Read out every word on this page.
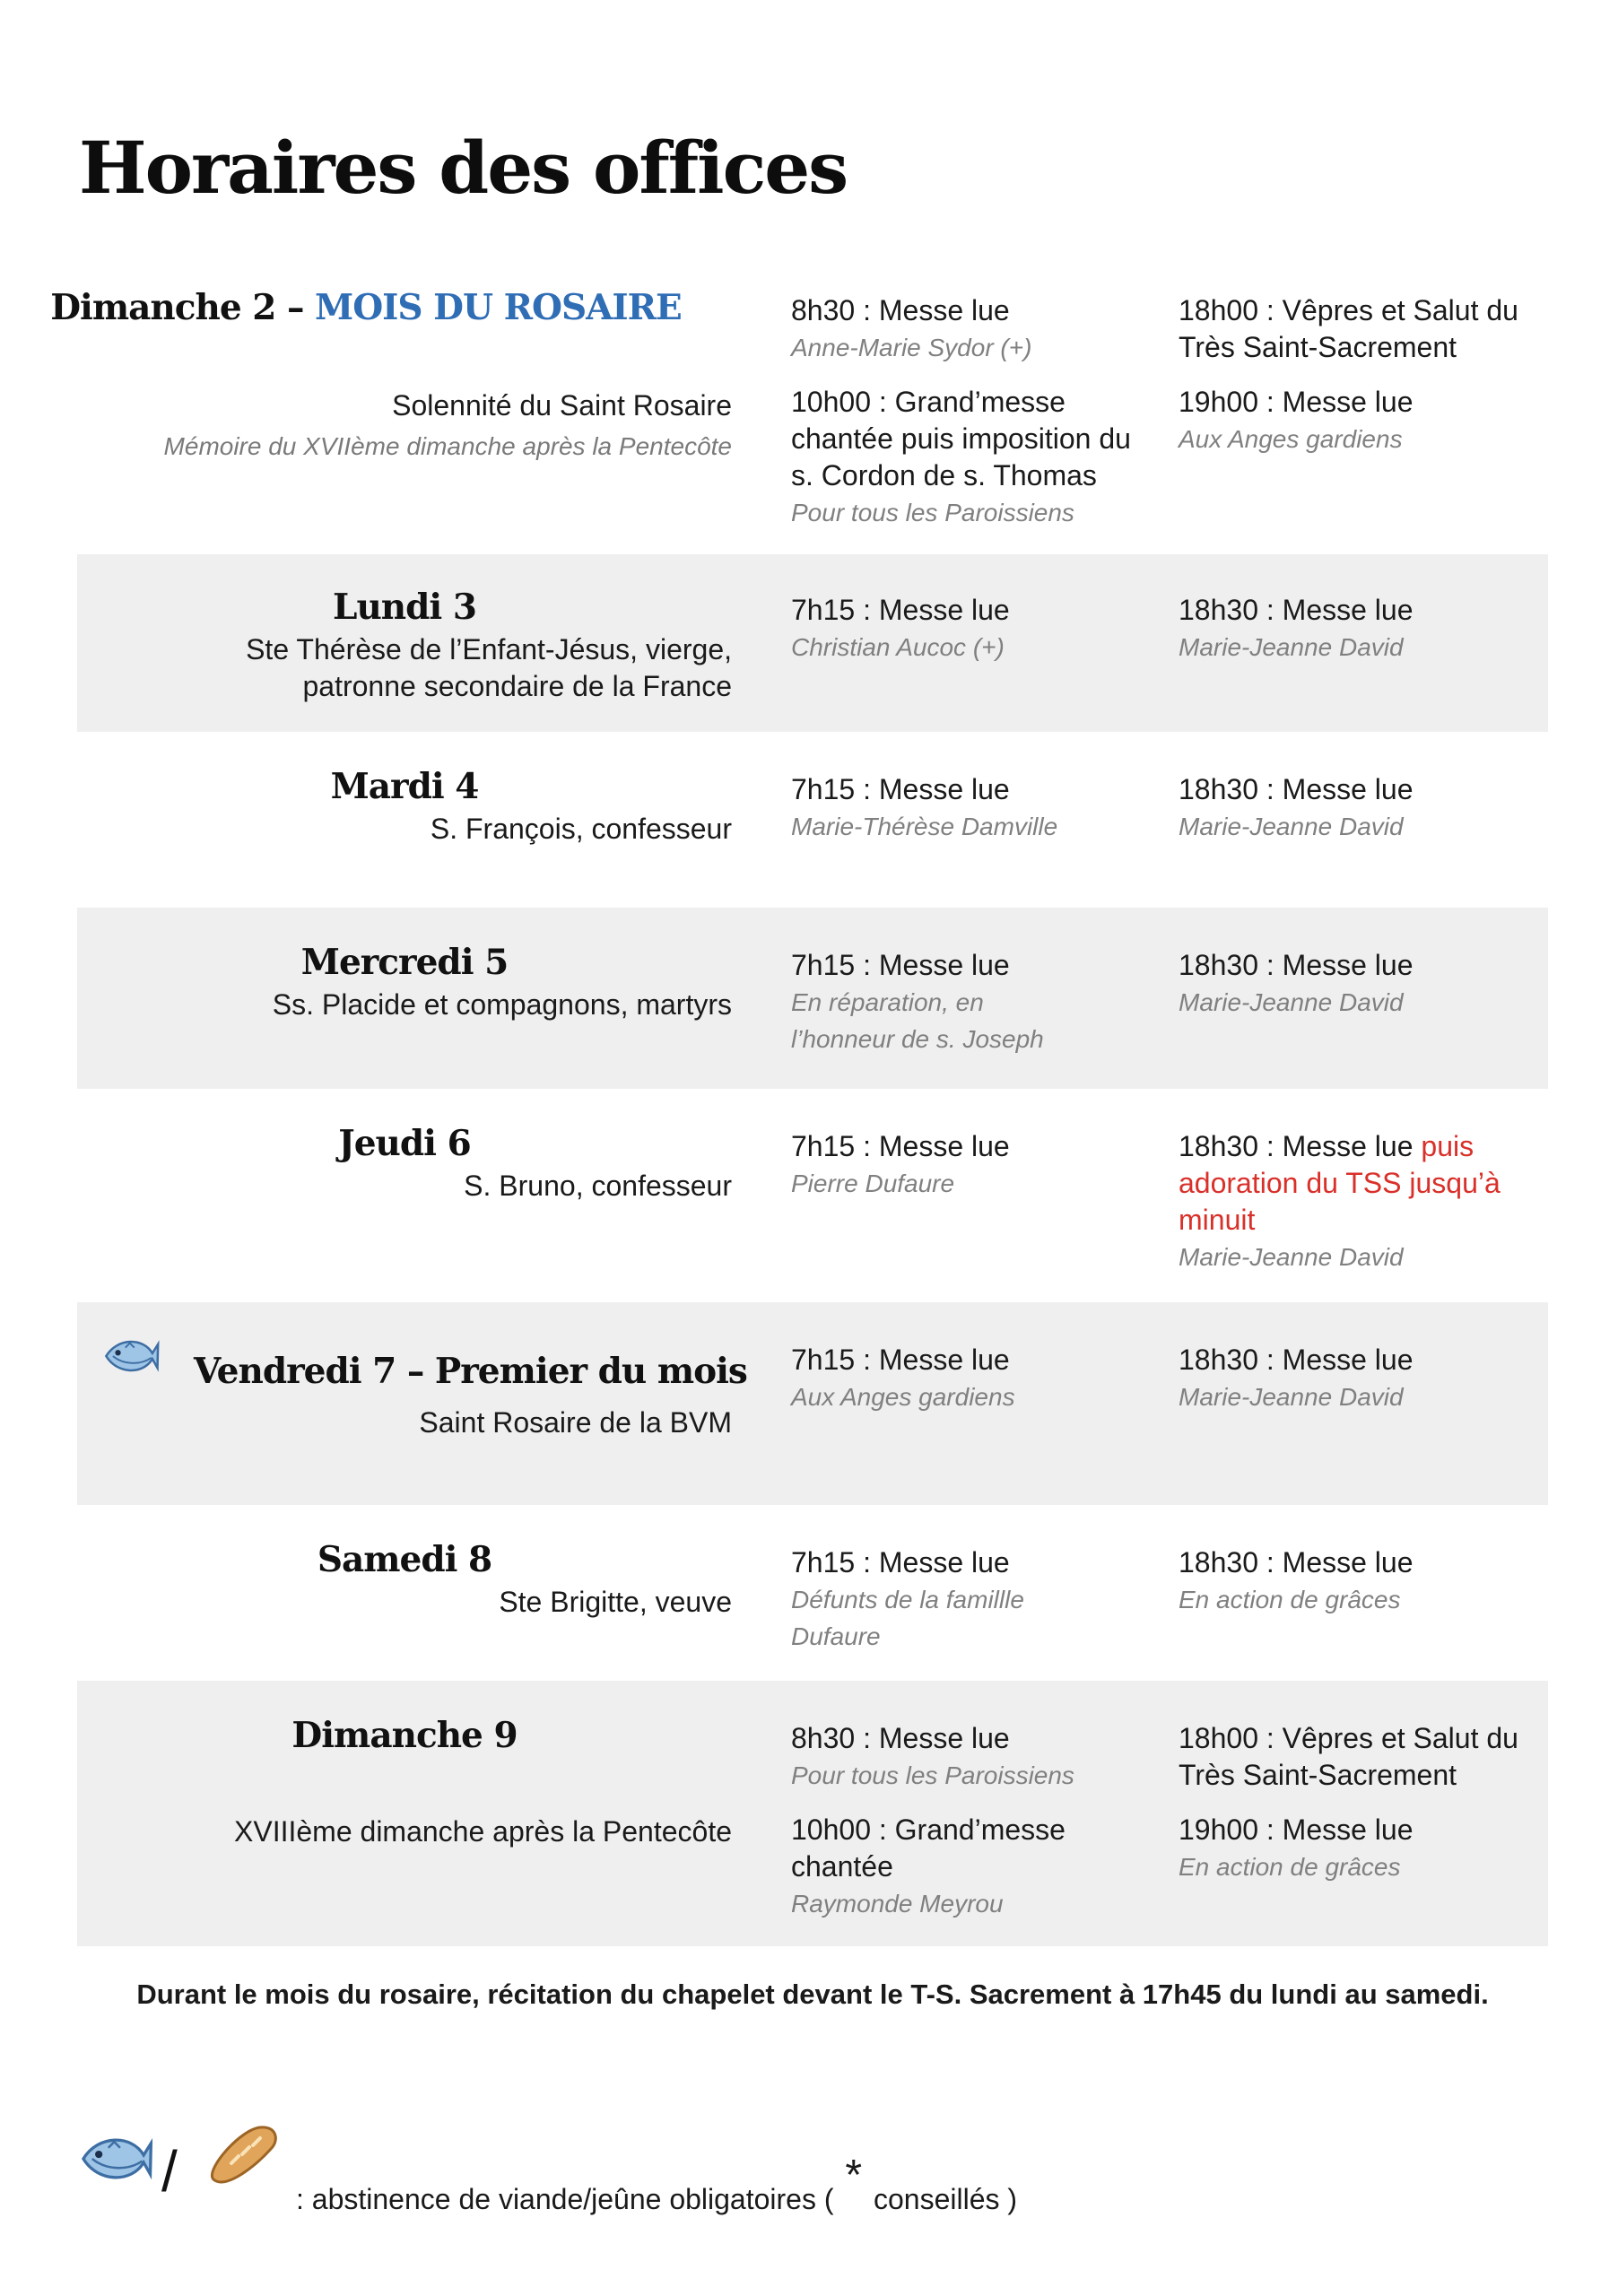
Horaires des offices
Dimanche 2 – MOIS DU ROSAIRE
Solennité du Saint Rosaire
Mémoire du XVIIème dimanche après la Pentecôte
8h30 : Messe lue
Anne-Marie Sydor (+)
10h00 : Grand’messe chantée puis imposition du s. Cordon de s. Thomas
Pour tous les Paroissiens
18h00 : Vêpres et Salut du Très Saint-Sacrement
19h00 : Messe lue
Aux Anges gardiens
Lundi 3
Ste Thérèse de l’Enfant-Jésus, vierge, patronne secondaire de la France
7h15 : Messe lue
Christian Aucoc (+)
18h30 : Messe lue
Marie-Jeanne David
Mardi 4
S. François, confesseur
7h15 : Messe lue
Marie-Thérèse Damville
18h30 : Messe lue
Marie-Jeanne David
Mercredi 5
Ss. Placide et compagnons, martyrs
7h15 : Messe lue
En réparation, en l’honneur de s. Joseph
18h30 : Messe lue
Marie-Jeanne David
Jeudi 6
S. Bruno, confesseur
7h15 : Messe lue
Pierre Dufaure
18h30 : Messe lue puis adoration du TSS jusqu’à minuit
Marie-Jeanne David
Vendredi 7 – Premier du mois
Saint Rosaire de la BVM
7h15 : Messe lue
Aux Anges gardiens
18h30 : Messe lue
Marie-Jeanne David
Samedi 8
Ste Brigitte, veuve
7h15 : Messe lue
Défunts de la famillle Dufaure
18h30 : Messe lue
En action de grâces
Dimanche 9
XVIIIème dimanche après la Pentecôte
8h30 : Messe lue
Pour tous les Paroissiens
10h00 : Grand’messe chantée
Raymonde Meyrou
18h00 : Vêpres et Salut du Très Saint-Sacrement
19h00 : Messe lue
En action de grâces
Durant le mois du rosaire, récitation du chapelet devant le T-S. Sacrement à 17h45 du lundi au samedi.
/	: abstinence de viande/jeûne obligatoires ( * conseillés )
